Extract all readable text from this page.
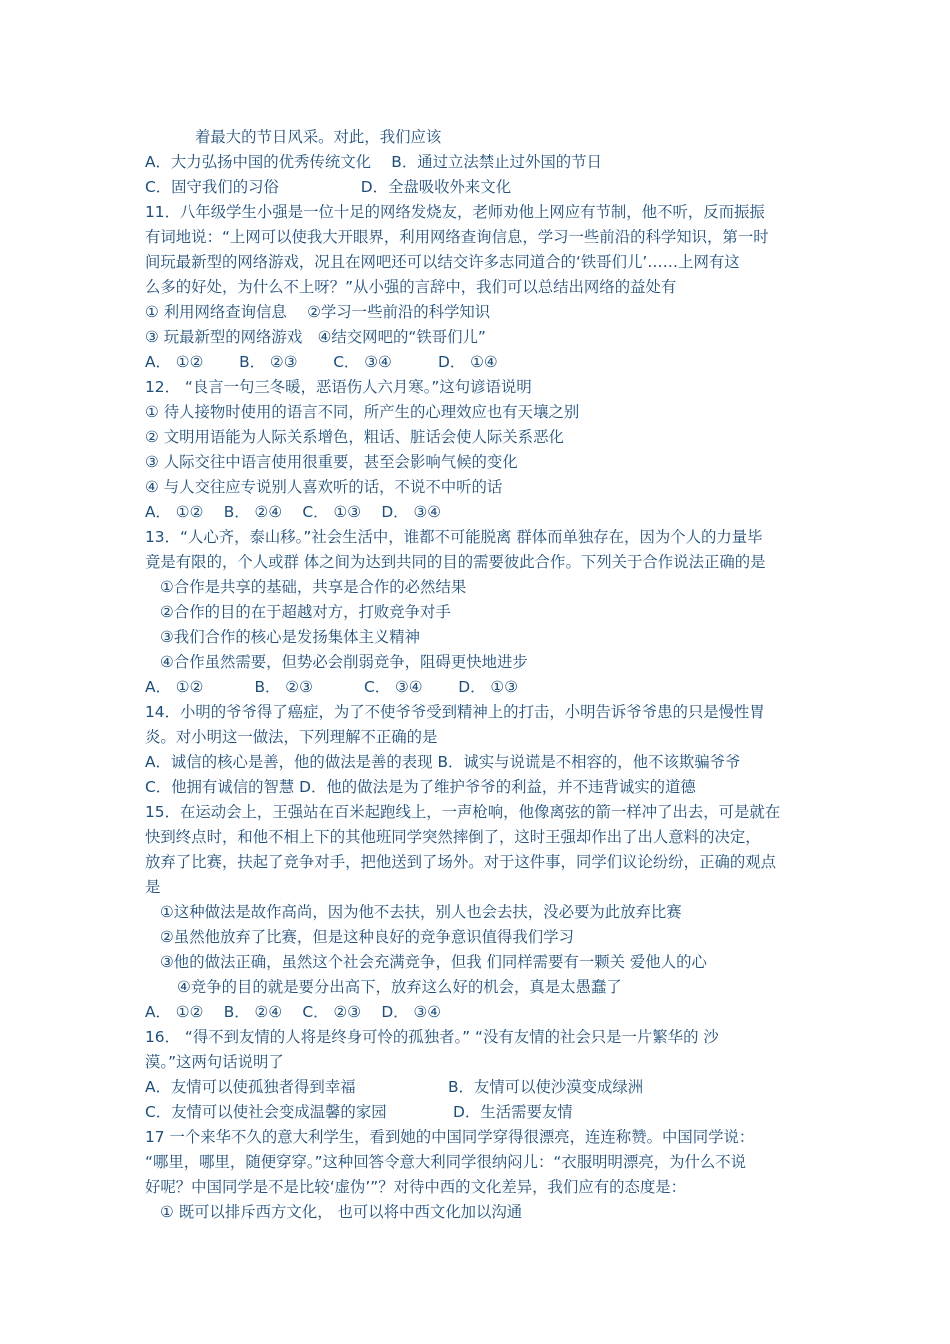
着最大的节日风采。对此，我们应该
A．大力弘扬中国的优秀传统文化 　B．通过立法禁止过外国的节日
C．固守我们的习俗　　　　　 D．全盘吸收外来文化
11．八年级学生小强是一位十足的网络发烧友，老师劝他上网应有节制，他不听，反而振振
有词地说：“上网可以使我大开眼界，利用网络查询信息，学习一些前沿的科学知识，第一时
间玩最新型的网络游戏，况且在网吧还可以结交许多志同道合的‘铁哥们儿’……上网有这
么多的好处，为什么不上呀？”从小强的言辞中，我们可以总结出网络的益处有
① 利用网络查询信息　 ②学习一些前沿的科学知识
③ 玩最新型的网络游戏　④结交网吧的“铁哥们儿”
A． ①②　　 B． ②③　　 C． ③④　　　D． ①④
12． “良言一句三冬暖，恶语伤人六月寒。”这句谚语说明
① 待人接物时使用的语言不同，所产生的心理效应也有天壤之别
② 文明用语能为人际关系增色，粗话、脏话会使人际关系恶化
③ 人际交往中语言使用很重要，甚至会影响气候的变化
④ 与人交往应专说别人喜欢听的话，不说不中听的话
A． ①②　 B． ②④　 C． ①③　 D． ③④
13．“人心齐，泰山移。”社会生活中，谁都不可能脱离 群体而单独存在，因为个人的力量毕
竟是有限的，个人或群 体之间为达到共同的目的需要彼此合作。下列关于合作说法正确的是
①合作是共享的基础，共享是合作的必然结果
②合作的目的在于超越对方，打败竞争对手
③我们合作的核心是发扬集体主义精神
④合作虽然需要，但势必会削弱竞争，阻碍更快地进步
A． ①②　　　 B． ②③　　　 C． ③④　　 D． ①③
14．小明的爷爷得了癌症，为了不使爷爷受到精神上的打击，小明告诉爷爷患的只是慢性胃
炎。对小明这一做法，下列理解不正确的是
A．诚信的核心是善，他的做法是善的表现 B．诚实与说谎是不相容的，他不该欺骗爷爷
C．他拥有诚信的智慧 D．他的做法是为了维护爷爷的利益，并不违背诚实的道德
15．在运动会上，王强站在百米起跑线上，一声枪响，他像离弦的箭一样冲了出去，可是就在
快到终点时，和他不相上下的其他班同学突然摔倒了，这时王强却作出了出人意料的决定，
放弃了比赛，扶起了竞争对手，把他送到了场外。对于这件事，同学们议论纷纷，正确的观点
是
①这种做法是故作高尚，因为他不去扶，别人也会去扶，没必要为此放弃比赛
②虽然他放弃了比赛，但是这种良好的竞争意识值得我们学习
③他的做法正确，虽然这个社会充满竞争，但我 们同样需要有一颗关 爱他人的心
④竞争的目的就是要分出高下，放弃这么好的机会，真是太愚蠢了
A． ①②　 B． ②④　 C． ②③　 D． ③④
16． “得不到友情的人将是终身可怜的孤独者。” “没有友情的社会只是一片繁华的 沙
漠。”这两句话说明了
A．友情可以使孤独者得到幸福　　　　　　B．友情可以使沙漠变成绿洲
C．友情可以使社会变成温馨的家园　　　　 D．生活需要友情
17 一个来华不久的意大利学生，看到她的中国同学穿得很漂亮，连连称赞。中国同学说：
“哪里，哪里，随便穿穿。”这种回答令意大利同学很纳闷儿：“衣服明明漂亮，为什么不说
好呢？中国同学是不是比较‘虚伪’”？对待中西的文化差异，我们应有的态度是：
① 既可以排斥西方文化， 也可以将中西文化加以沟通
